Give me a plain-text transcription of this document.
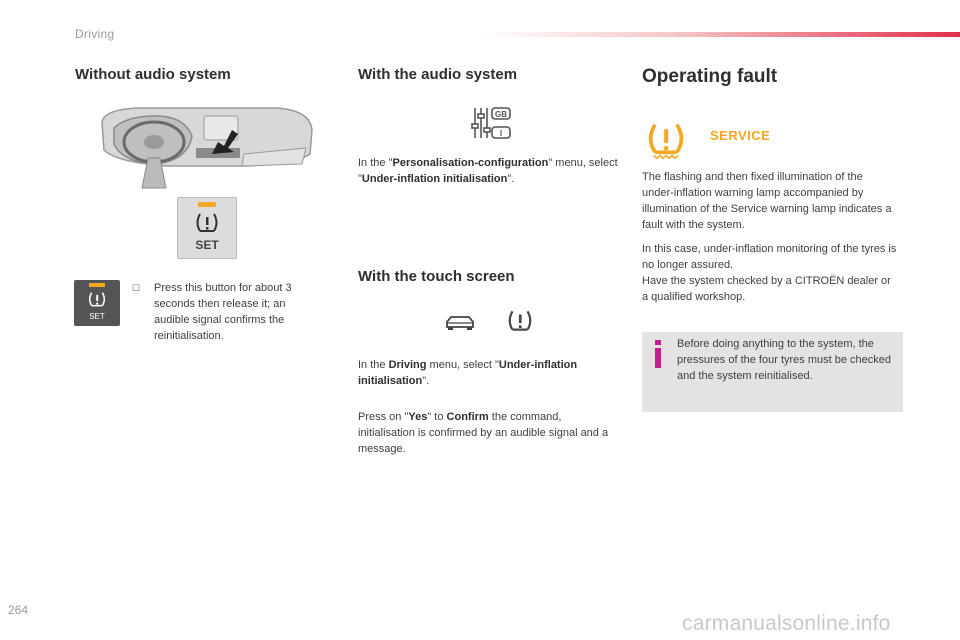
Driving
Without audio system
SET
SET
☐ Press this button for about 3 seconds then release it; an audible signal confirms the reinitialisation.
With the audio system
GB
I
In the "Personalisation-configuration" menu, select "Under-inflation initialisation".
With the touch screen
In the Driving menu, select "Under-inflation initialisation".
Press on "Yes" to Confirm the command, initialisation is confirmed by an audible signal and a message.
Operating fault
SERVICE
The flashing and then fixed illumination of the under-inflation warning lamp accompanied by illumination of the Service warning lamp indicates a fault with the system.
In this case, under-inflation monitoring of the tyres is no longer assured.
Have the system checked by a CITROËN dealer or a qualified workshop.
Before doing anything to the system, the pressures of the four tyres must be checked and the system reinitialised.
264
carmanualsonline.info
